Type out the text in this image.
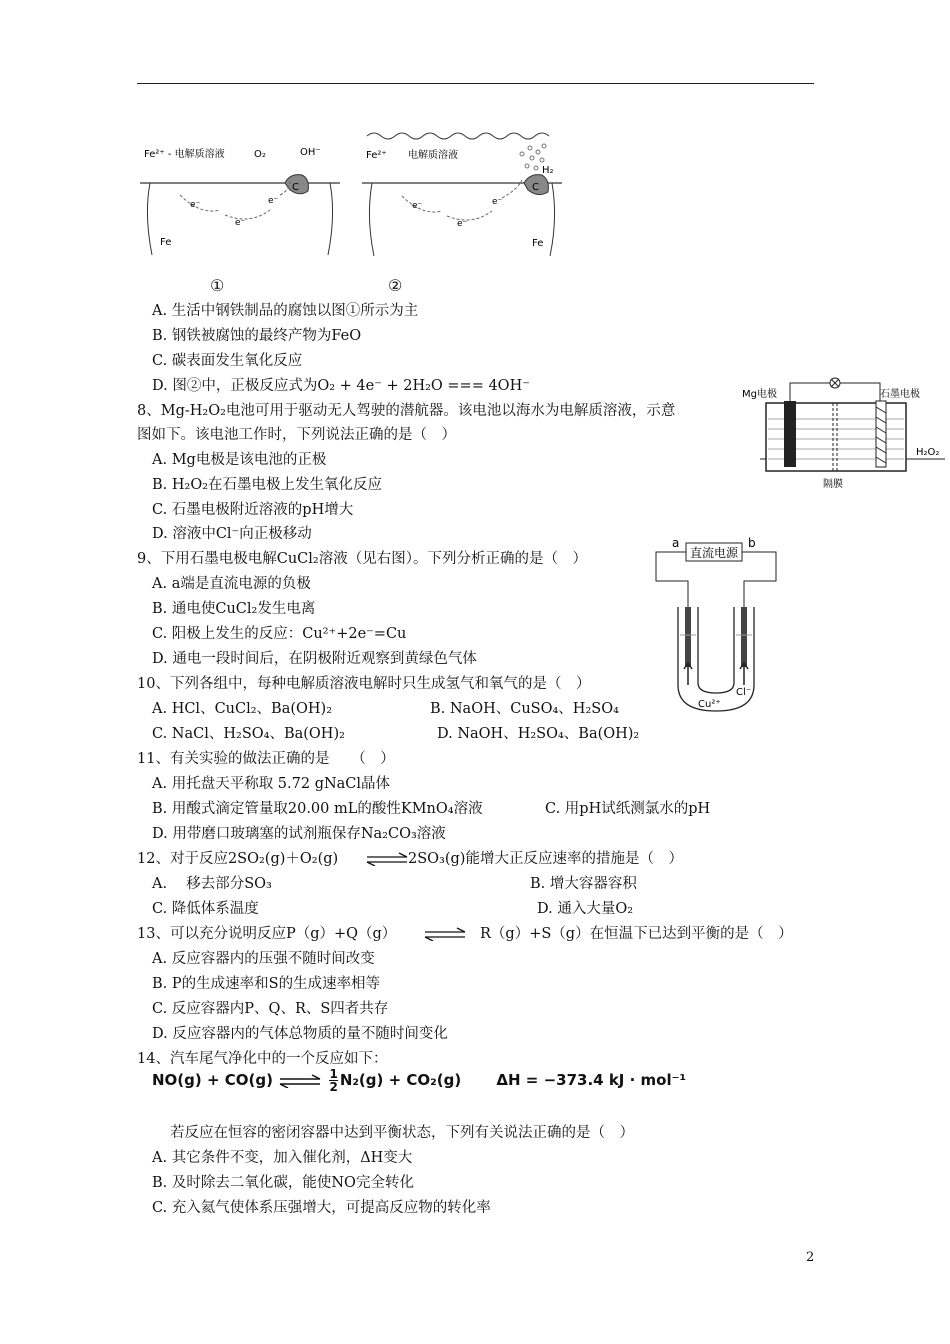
Fe²⁺ - 电解质溶液	O₂	OH⁻
C
e⁻
e⁻
e⁻
Fe
Fe²⁺ 电解质溶液
H₂
C
e⁻
e⁻
e⁻
Fe
①	②
A. 生活中钢铁制品的腐蚀以图①所示为主
B. 钢铁被腐蚀的最终产物为FeO
C. 碳表面发生氧化反应
D. 图②中，正极反应式为O₂ + 4e⁻ + 2H₂O === 4OH⁻
8、Mg-H₂O₂电池可用于驱动无人驾驶的潜航器。该电池以海水为电解质溶液，示意
图如下。该电池工作时，下列说法正确的是（　）
A. Mg电极是该电池的正极
B. H₂O₂在石墨电极上发生氧化反应
C. 石墨电极附近溶液的pH增大
D. 溶液中Cl⁻向正极移动
9、下用石墨电极电解CuCl₂溶液（见右图）。下列分析正确的是（　）
A. a端是直流电源的负极
B. 通电使CuCl₂发生电离
C. 阳极上发生的反应：Cu²⁺+2e⁻=Cu
D. 通电一段时间后，在阴极附近观察到黄绿色气体
10、下列各组中，每种电解质溶液电解时只生成氢气和氧气的是（　）
A. HCl、CuCl₂、Ba(OH)₂	B. NaOH、CuSO₄、H₂SO₄
C. NaCl、H₂SO₄、Ba(OH)₂	D. NaOH、H₂SO₄、Ba(OH)₂
11、有关实验的做法正确的是　　（　）
A. 用托盘天平称取 5.72 gNaCl晶体
B. 用酸式滴定管量取20.00 mL的酸性KMnO₄溶液	C. 用pH试纸测氯水的pH
D. 用带磨口玻璃塞的试剂瓶保存Na₂CO₃溶液
12、对于反应2SO₂(g)＋O₂(g)	2SO₃(g)能增大正反应速率的措施是（　）
A.　 移去部分SO₃	B. 增大容器容积
C. 降低体系温度	D. 通入大量O₂
13、可以充分说明反应P（g）+Q（g）	R（g）+S（g）在恒温下已达到平衡的是（　）
A. 反应容器内的压强不随时间改变
B. P的生成速率和S的生成速率相等
C. 反应容器内P、Q、R、S四者共存
D. 反应容器内的气体总物质的量不随时间变化
14、汽车尾气净化中的一个反应如下：
NO(g) + CO(g)	$\frac{1}{2} N_2(g) + CO_2(g) \Delta H = -373.4$ kJ · mol⁻¹
若反应在恒容的密闭容器中达到平衡状态，下列有关说法正确的是（　）
A. 其它条件不变，加入催化剂，ΔH变大
B. 及时除去二氧化碳，能使NO完全转化
C. 充入氦气使体系压强增大，可提高反应物的转化率
Mg电极	石墨电极
H₂O₂
隔膜
a	b
直流电源
Cu²⁺
Cl⁻
2
